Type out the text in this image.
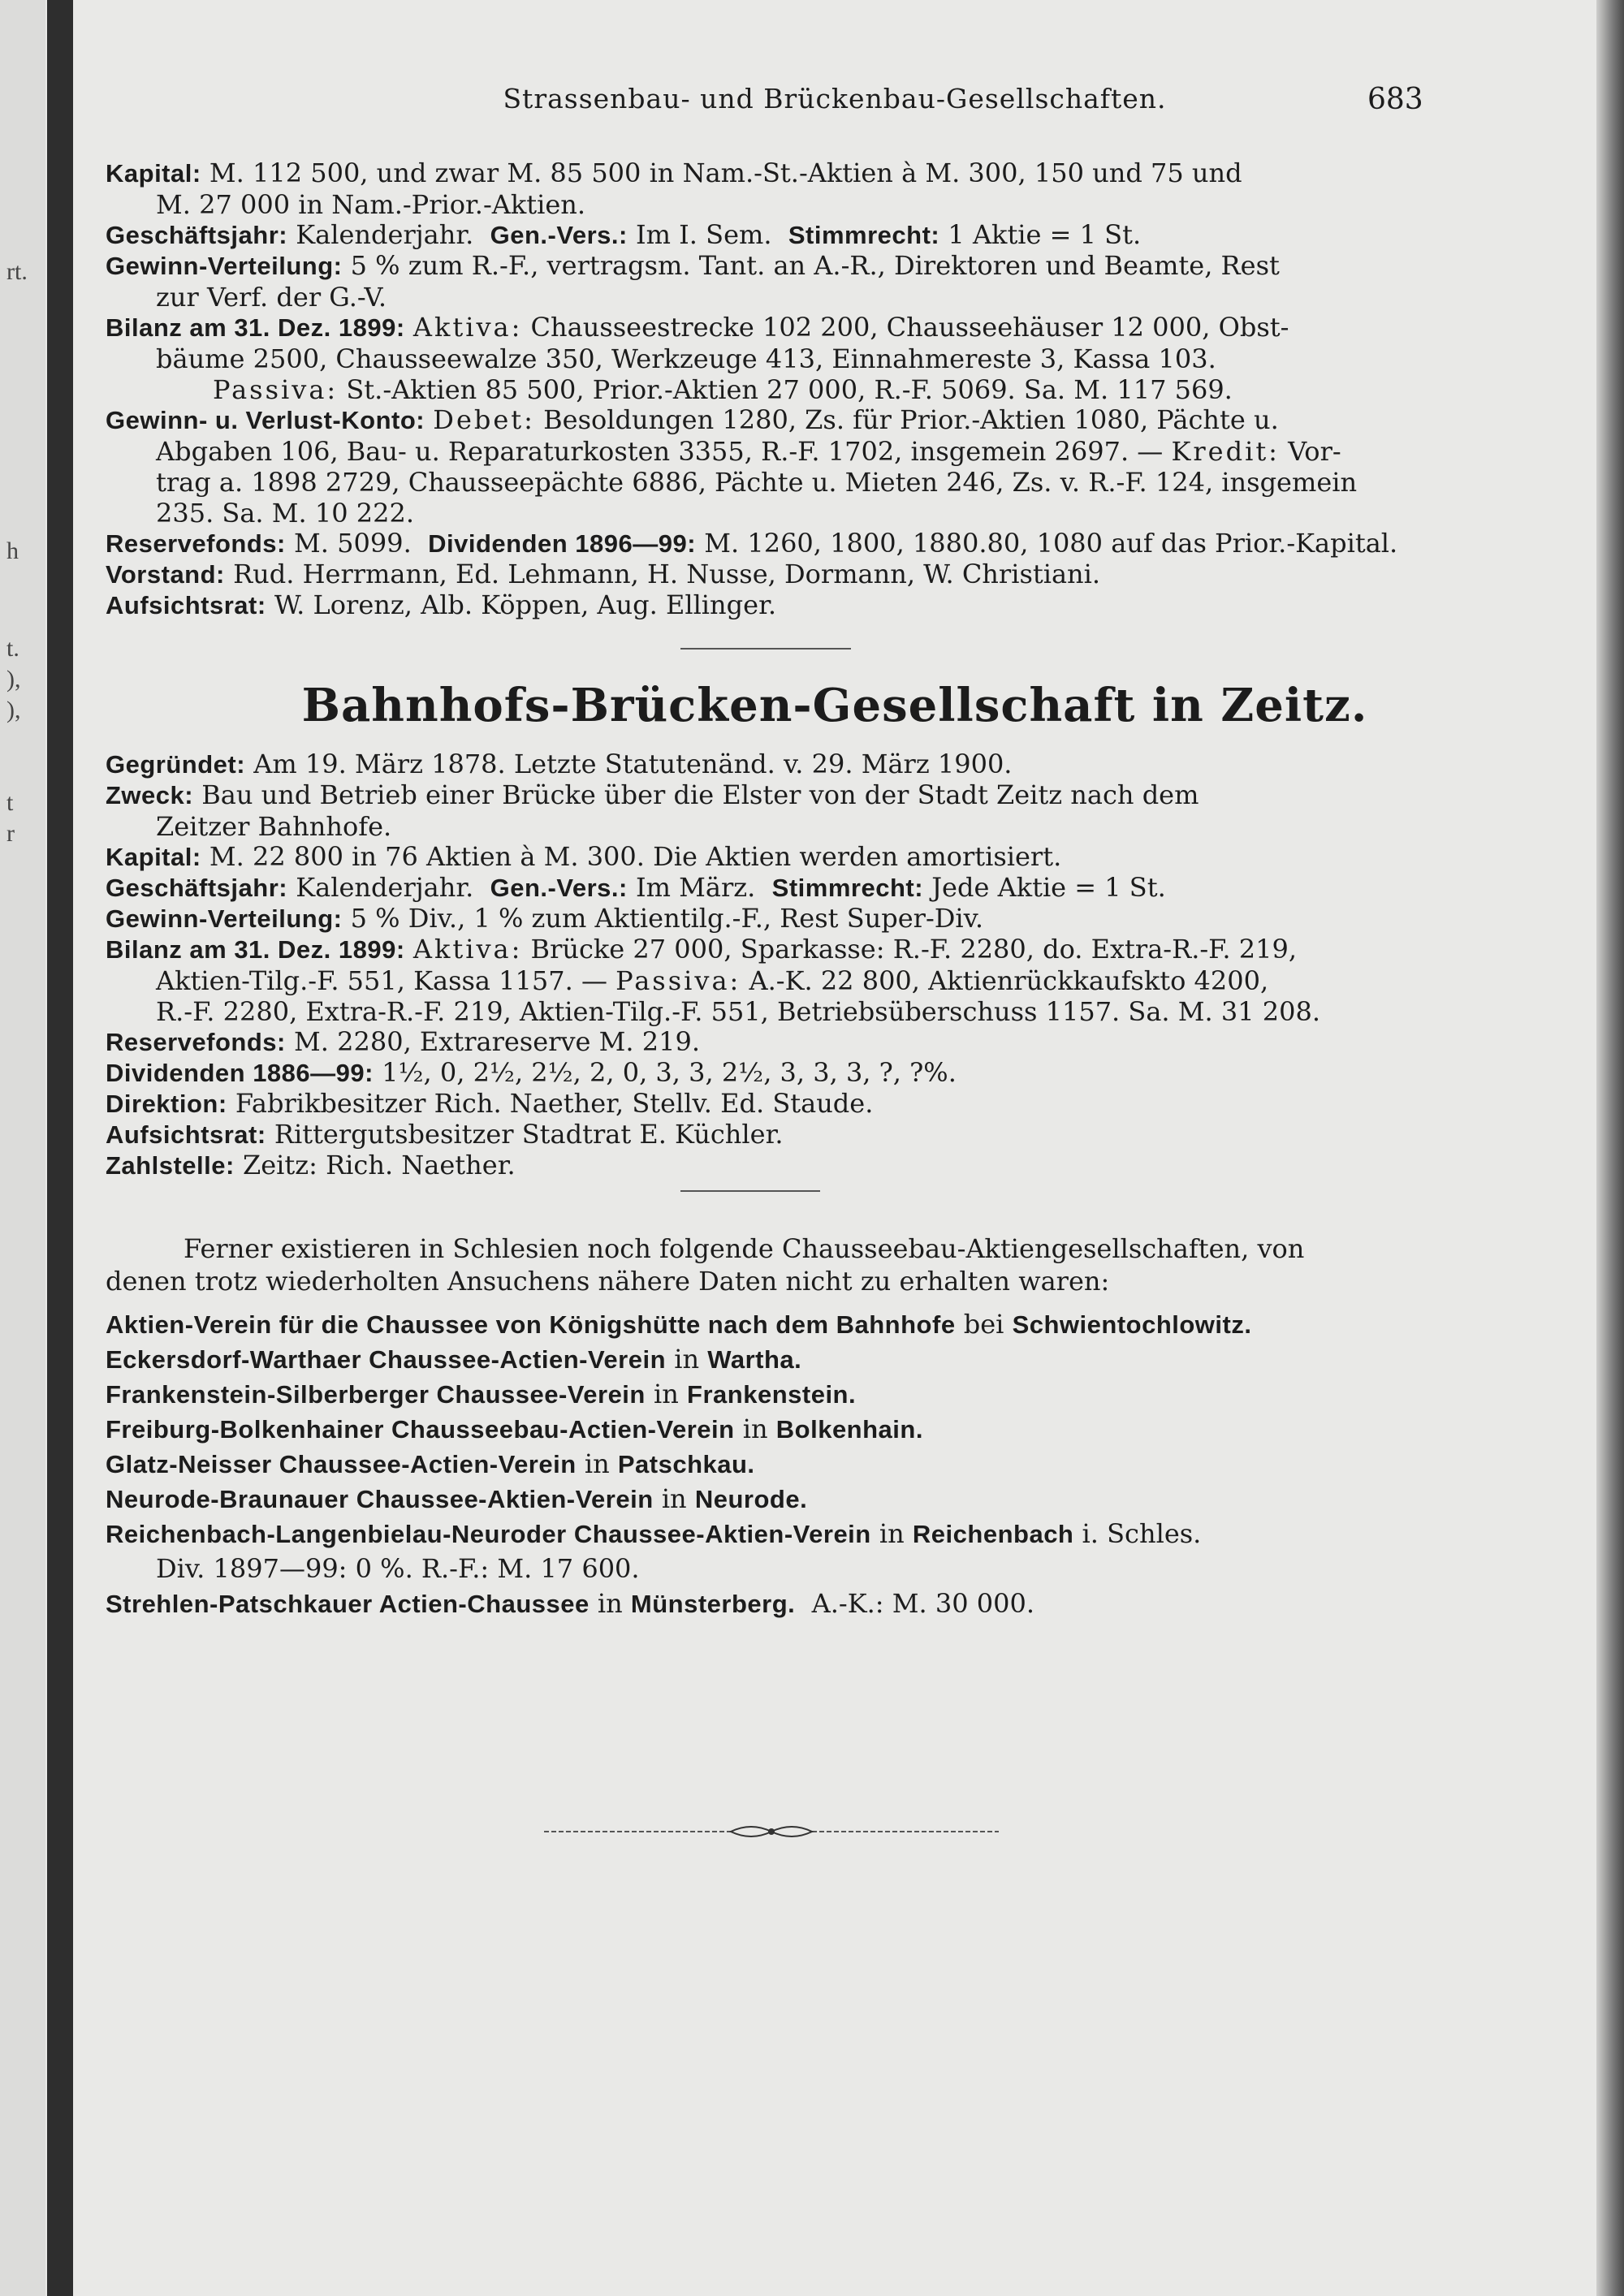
rt.
h
t.
),
),
t
r
Strassenbau- und Brückenbau-Gesellschaften.	683
Kapital: M. 112 500, und zwar M. 85 500 in Nam.-St.-Aktien à M. 300, 150 und 75 und
M. 27 000 in Nam.-Prior.-Aktien.
Geschäftsjahr: Kalenderjahr. Gen.-Vers.: Im I. Sem. Stimmrecht: 1 Aktie = 1 St.
Gewinn-Verteilung: 5 % zum R.-F., vertragsm. Tant. an A.-R., Direktoren und Beamte, Rest
zur Verf. der G.-V.
Bilanz am 31. Dez. 1899: Aktiva: Chausseestrecke 102 200, Chausseehäuser 12 000, Obst-
bäume 2500, Chausseewalze 350, Werkzeuge 413, Einnahmereste 3, Kassa 103.
Passiva: St.-Aktien 85 500, Prior.-Aktien 27 000, R.-F. 5069. Sa. M. 117 569.
Gewinn- u. Verlust-Konto: Debet: Besoldungen 1280, Zs. für Prior.-Aktien 1080, Pächte u.
Abgaben 106, Bau- u. Reparaturkosten 3355, R.-F. 1702, insgemein 2697. — Kredit: Vor-
trag a. 1898 2729, Chausseepächte 6886, Pächte u. Mieten 246, Zs. v. R.-F. 124, insgemein
235. Sa. M. 10 222.
Reservefonds: M. 5099. Dividenden 1896—99: M. 1260, 1800, 1880.80, 1080 auf das Prior.-Kapital.
Vorstand: Rud. Herrmann, Ed. Lehmann, H. Nusse, Dormann, W. Christiani.
Aufsichtsrat: W. Lorenz, Alb. Köppen, Aug. Ellinger.
Bahnhofs-Brücken-Gesellschaft in Zeitz.
Gegründet: Am 19. März 1878. Letzte Statutenänd. v. 29. März 1900.
Zweck: Bau und Betrieb einer Brücke über die Elster von der Stadt Zeitz nach dem
Zeitzer Bahnhofe.
Kapital: M. 22 800 in 76 Aktien à M. 300. Die Aktien werden amortisiert.
Geschäftsjahr: Kalenderjahr. Gen.-Vers.: Im März. Stimmrecht: Jede Aktie = 1 St.
Gewinn-Verteilung: 5 % Div., 1 % zum Aktientilg.-F., Rest Super-Div.
Bilanz am 31. Dez. 1899: Aktiva: Brücke 27 000, Sparkasse: R.-F. 2280, do. Extra-R.-F. 219,
Aktien-Tilg.-F. 551, Kassa 1157. — Passiva: A.-K. 22 800, Aktienrückkaufskto 4200,
R.-F. 2280, Extra-R.-F. 219, Aktien-Tilg.-F. 551, Betriebsüberschuss 1157. Sa. M. 31 208.
Reservefonds: M. 2280, Extrareserve M. 219.
Dividenden 1886—99: 1½, 0, 2½, 2½, 2, 0, 3, 3, 2½, 3, 3, 3, ?, ?%.
Direktion: Fabrikbesitzer Rich. Naether, Stellv. Ed. Staude.
Aufsichtsrat: Rittergutsbesitzer Stadtrat E. Küchler.
Zahlstelle: Zeitz: Rich. Naether.
Ferner existieren in Schlesien noch folgende Chausseebau-Aktiengesellschaften, von
denen trotz wiederholten Ansuchens nähere Daten nicht zu erhalten waren:
Aktien-Verein für die Chaussee von Königshütte nach dem Bahnhofe bei Schwientochlowitz.
Eckersdorf-Warthaer Chaussee-Actien-Verein in Wartha.
Frankenstein-Silberberger Chaussee-Verein in Frankenstein.
Freiburg-Bolkenhainer Chausseebau-Actien-Verein in Bolkenhain.
Glatz-Neisser Chaussee-Actien-Verein in Patschkau.
Neurode-Braunauer Chaussee-Aktien-Verein in Neurode.
Reichenbach-Langenbielau-Neuroder Chaussee-Aktien-Verein in Reichenbach i. Schles.
Div. 1897—99: 0 %. R.-F.: M. 17 600.
Strehlen-Patschkauer Actien-Chaussee in Münsterberg. A.-K.: M. 30 000.
